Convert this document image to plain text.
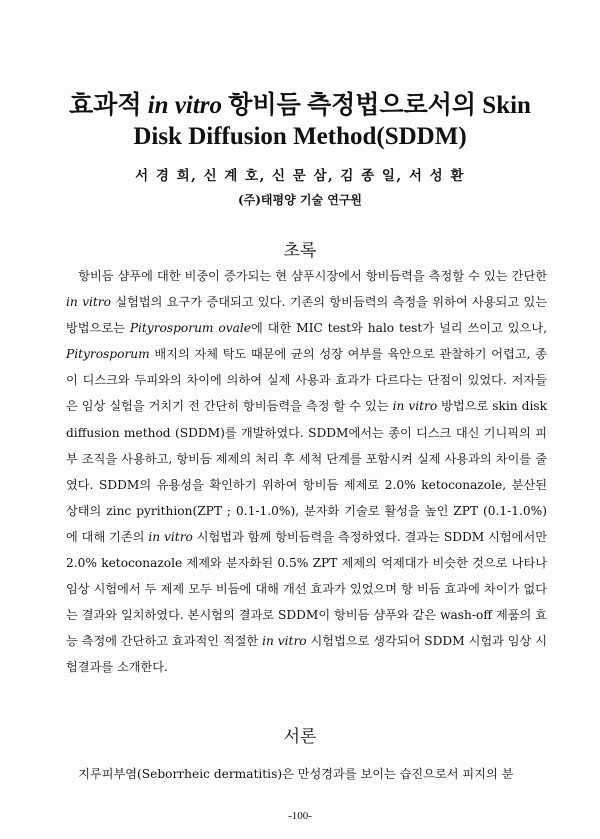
효과적 in vitro 항비듬 측정법으로서의 Skin
Disk Diffusion Method(SDDM)

서 경 희, 신 계 호, 신 문 삼, 김 종 일, 서 성 환

(주)태평양 기술 연구원

초록

 항비듬 샴푸에 대한 비중이 증가되는 현 샴푸시장에서 항비듬력을 측정할 수 있는 간단한 in vitro 실험법의 요구가 증대되고 있다. 기존의 항비듬력의 측정을 위하여 사용되고 있는 방법으로는 Pityrosporum ovale에 대한 MIC test와 halo test가 널리 쓰이고 있으나, Pityrosporum 배지의 자체 탁도 때문에 균의 성장 여부를 육안으로 관찰하기 어렵고, 종이 디스크와 두피와의 차이에 의하여 실제 사용과 효과가 다르다는 단점이 있었다. 저자들은 임상 실험을 거치기 전 간단히 항비듬력을 측정 할 수 있는 in vitro 방법으로 skin disk diffusion method (SDDM)를 개발하였다. SDDM에서는 종이 디스크 대신 기니픽의 피부 조직을 사용하고, 항비듬 제제의 처리 후 세척 단계를 포함시켜 실제 사용과의 차이를 줄였다. SDDM의 유용성을 확인하기 위하여 항비듬 제제로 2.0% ketoconazole, 분산된 상태의 zinc pyrithion(ZPT ; 0.1-1.0%), 분자화 기술로 활성을 높인 ZPT (0.1-1.0%)에 대해 기존의 in vitro 시험법과 함께 항비듬력을 측정하였다. 결과는 SDDM 시험에서만 2.0% ketoconazole 제제와 분자화된 0.5% ZPT 제제의 억제대가 비슷한 것으로 나타나 임상 시험에서 두 제제 모두 비듬에 대해 개선 효과가 있었으며 항 비듬 효과에 차이가 없다는 결과와 일치하였다. 본시험의 결과로 SDDM이 항비듬 샴푸와 같은 wash-off 제품의 효능 측정에 간단하고 효과적인 적절한 in vitro 시험법으로 생각되어 SDDM 시험과 임상 시험결과를 소개한다.

서론

 지루피부염(Seborrheic dermatitis)은 만성경과를 보이는 습진으로서 피지의 분

-100-
